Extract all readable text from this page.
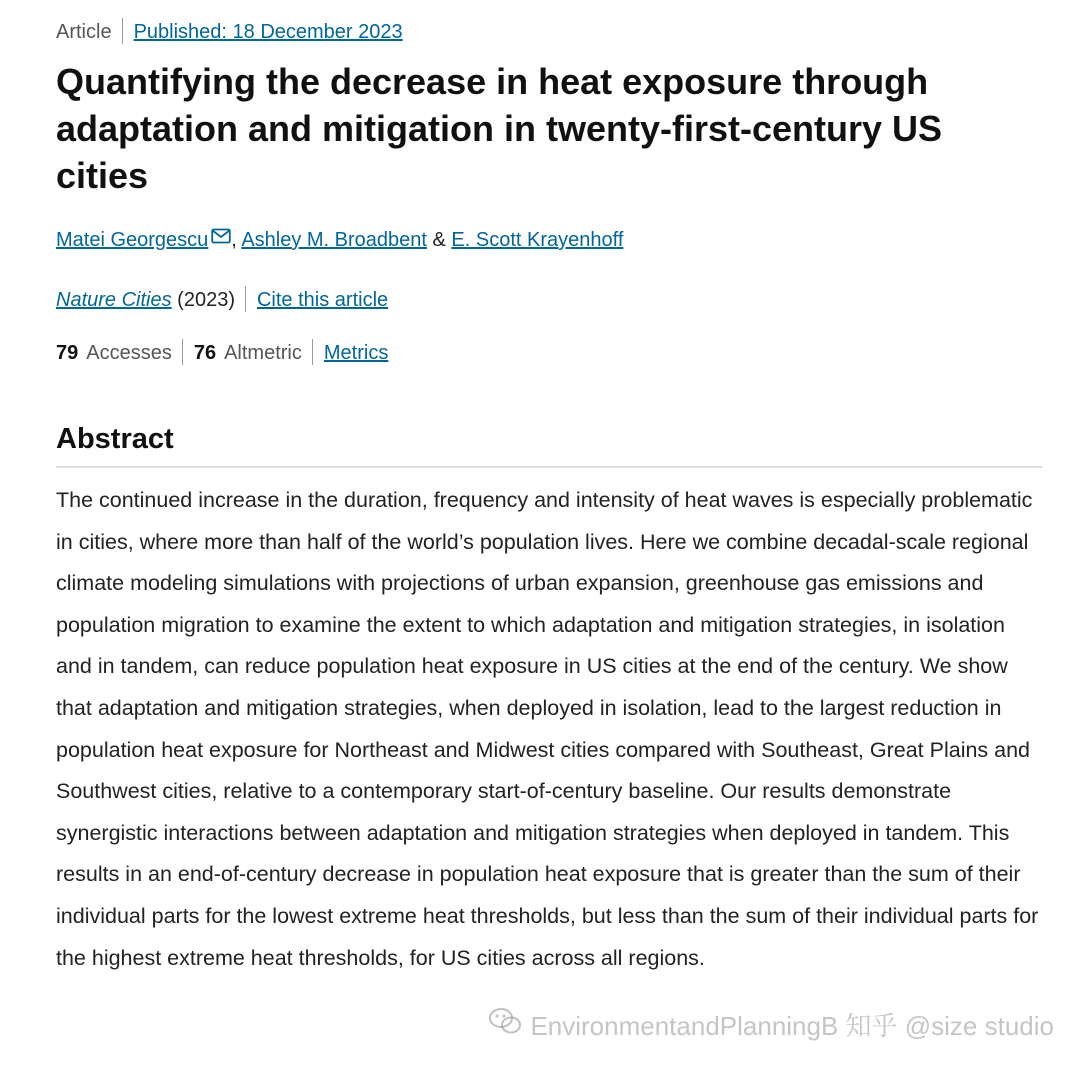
Article Published: 18 December 2023
Quantifying the decrease in heat exposure through adaptation and mitigation in twenty-first-century US cities
Matei Georgescu , Ashley M. Broadbent & E. Scott Krayenhoff
Nature Cities (2023) Cite this article
79 Accesses 76 Altmetric Metrics
Abstract

The continued increase in the duration, frequency and intensity of heat waves is especially problematic in cities, where more than half of the world’s population lives. Here we combine decadal-scale regional climate modeling simulations with projections of urban expansion, greenhouse gas emissions and population migration to examine the extent to which adaptation and mitigation strategies, in isolation and in tandem, can reduce population heat exposure in US cities at the end of the century. We show that adaptation and mitigation strategies, when deployed in isolation, lead to the largest reduction in population heat exposure for Northeast and Midwest cities compared with Southeast, Great Plains and Southwest cities, relative to a contemporary start-of-century baseline. Our results demonstrate synergistic interactions between adaptation and mitigation strategies when deployed in tandem. This results in an end-of-century decrease in population heat exposure that is greater than the sum of their individual parts for the lowest extreme heat thresholds, but less than the sum of their individual parts for the highest extreme heat thresholds, for US cities across all regions.

EnvironmentandPlanningB 知乎 @size studio
